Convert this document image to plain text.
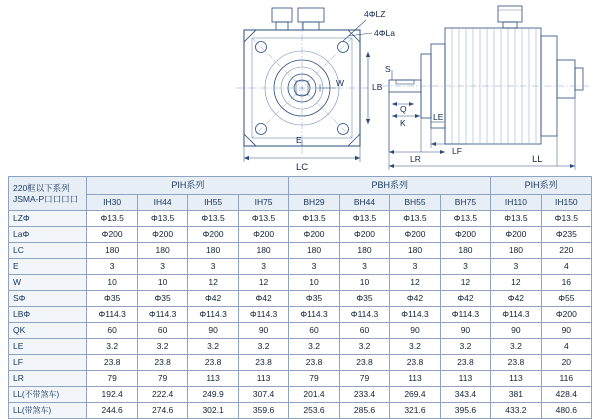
4ΦLZ
4ΦLa
W
E
LB
LC
S
Q
K
LE
LF
LR	LL
220框以下系列
JSMA-P口口口口	PIH系列				PBH系列				PIH系列	
	IH30	IH44	IH55	IH75	BH29	BH44	BH55	BH75	IH110	IH150
LZΦ	Φ13.5	Φ13.5	Φ13.5	Φ13.5	Φ13.5	Φ13.5	Φ13.5	Φ13.5	Φ13.5	Φ13.5
LaΦ	Φ200	Φ200	Φ200	Φ200	Φ200	Φ200	Φ200	Φ200	Φ200	Φ235
LC	180	180	180	180	180	180	180	180	180	220
E	3	3	3	3	3	3	3	3	3	4
W	10	10	12	12	10	10	12	12	12	16
SΦ	Φ35	Φ35	Φ42	Φ42	Φ35	Φ35	Φ42	Φ42	Φ42	Φ55
LBΦ	Φ114.3	Φ114.3	Φ114.3	Φ114.3	Φ114.3	Φ114.3	Φ114.3	Φ114.3	Φ114.3	Φ200
QK	60	60	90	90	60	60	90	90	90	90
LE	3.2	3.2	3.2	3.2	3.2	3.2	3.2	3.2	3.2	4
LF	23.8	23.8	23.8	23.8	23.8	23.8	23.8	23.8	23.8	20
LR	79	79	113	113	79	79	113	113	113	116
LL(不带煞车)	192.4	222.4	249.9	307.4	201.4	233.4	269.4	343.4	381	428.4
LL(带煞车)	244.6	274.6	302.1	359.6	253.6	285.6	321.6	395.6	433.2	480.6
